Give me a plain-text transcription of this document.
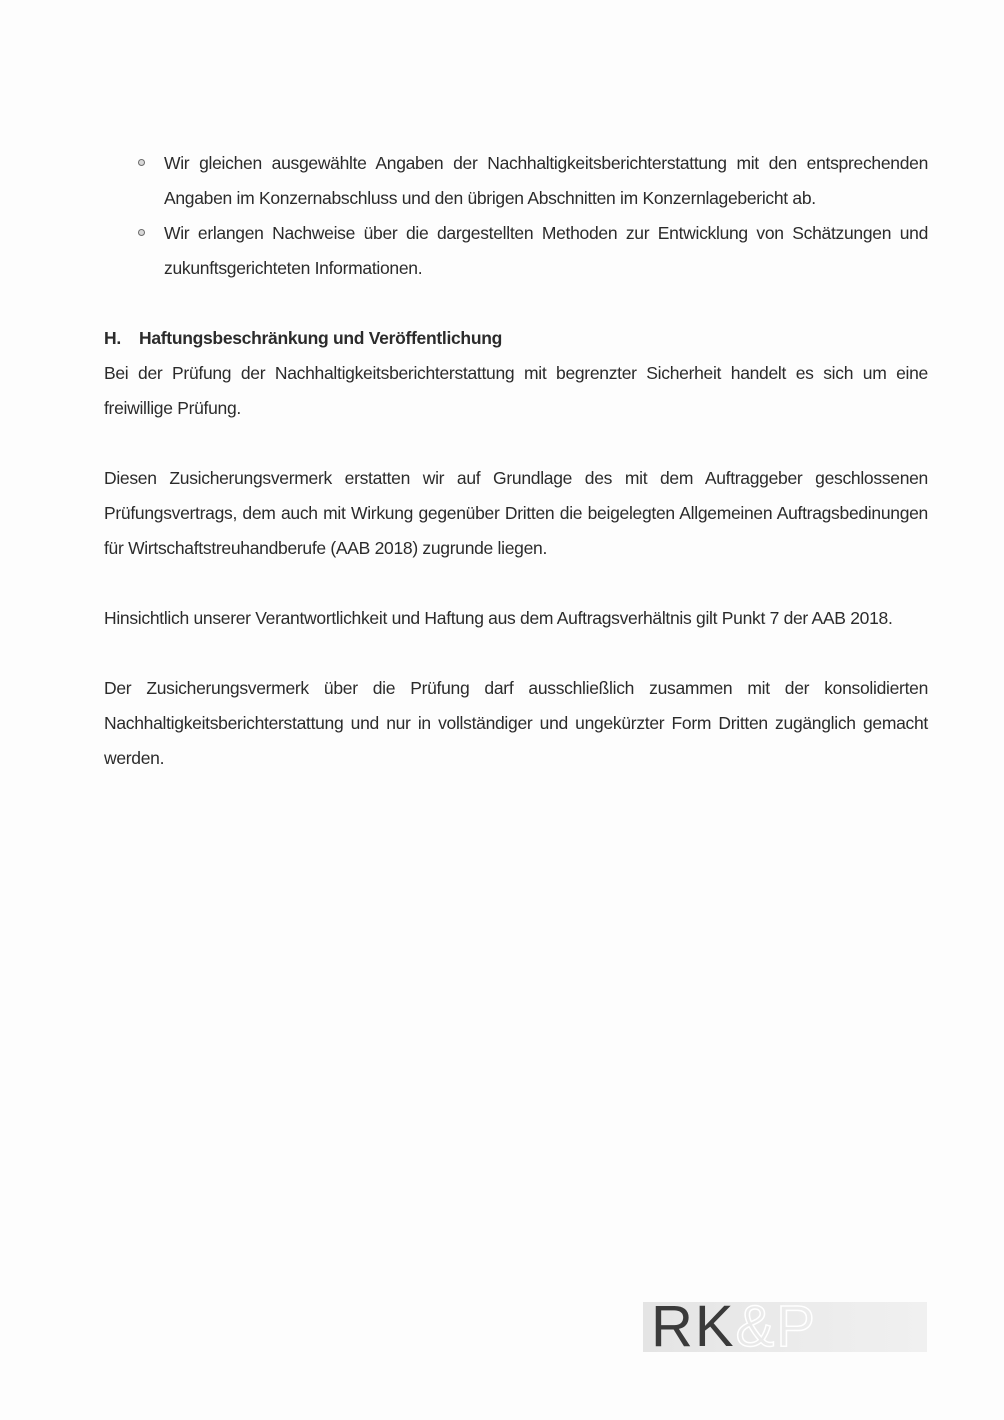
Wir gleichen ausgewählte Angaben der Nachhaltigkeitsberichterstattung mit den entsprechenden Angaben im Konzernabschluss und den übrigen Abschnitten im Konzernlagebericht ab.
Wir erlangen Nachweise über die dargestellten Methoden zur Entwicklung von Schätzungen und zukunftsgerichteten Informationen.
H. Haftungsbeschränkung und Veröffentlichung

Bei der Prüfung der Nachhaltigkeitsberichterstattung mit begrenzter Sicherheit handelt es sich um eine freiwillige Prüfung.

Diesen Zusicherungsvermerk erstatten wir auf Grundlage des mit dem Auftraggeber geschlossenen Prüfungsvertrags, dem auch mit Wirkung gegenüber Dritten die beigelegten Allgemeinen Auftragsbedinungen für Wirtschaftstreuhandberufe (AAB 2018) zugrunde liegen.

Hinsichtlich unserer Verantwortlichkeit und Haftung aus dem Auftragsverhältnis gilt Punkt 7 der AAB 2018.

Der Zusicherungsvermerk über die Prüfung darf ausschließlich zusammen mit der konsolidierten Nachhaltigkeitsberichterstattung und nur in vollständiger und ungekürzter Form Dritten zugänglich gemacht werden.

RK&P
